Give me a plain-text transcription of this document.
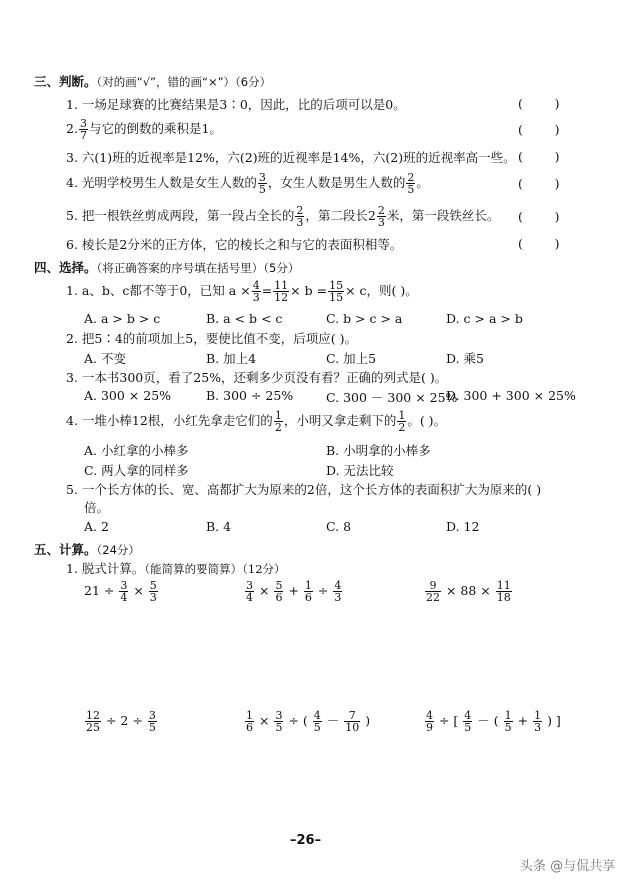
三、判断。（对的画“√”，错的画“×”）（6分）
1. 一场足球赛的比赛结果是3∶0，因此，比的后项可以是0。	(        )
2. $\frac{3}{7}$ 与它的倒数的乘积是1。	(        )
3. 六(1)班的近视率是12%，六(2)班的近视率是14%，六(2)班的近视率高一些。 (        )
4. 光明学校男生人数是女生人数的 $\frac{3}{5}$ ，女生人数是男生人数的 $\frac{2}{5}$ 。	(        )
5. 把一根铁丝剪成两段，第一段占全长的 $\frac{2}{3}$ ，第二段长$2 \frac{2}{3}$ 米，第一段铁丝长。 (        )
6. 棱长是2分米的正方体，它的棱长之和与它的表面积相等。	(        )
四、选择。（将正确答案的序号填在括号里）（5分）
1. a、b、c都不等于0，已知 $a \times \frac{4}{3} = \frac{11}{12} \times b = \frac{15}{15} \times c$，则( )。
A. a > b > c	B. a < b < c	C. b > c > a	D. c > a > b
2. 把5∶4的前项加上5，要使比值不变，后项应( )。
A. 不变	B. 加上4	C. 加上5	D. 乘5
3. 一本书300页，看了25%，还剩多少页没有看？正确的列式是( )。
A. 300 × 25%	B. 300 ÷ 25%	C. 300 － 300 × 25%
D. 300 + 300 × 25%
4. 一堆小棒12根，小红先拿走它们的 $\frac{1}{2}$ ，小明又拿走剩下的 $\frac{1}{2}$ 。( )。
A. 小红拿的小棒多	B. 小明拿的小棒多
C. 两人拿的同样多	D. 无法比较
5. 一个长方体的长、宽、高都扩大为原来的2倍，这个长方体的表面积扩大为原来的( )
倍。
A. 2	B. 4	C. 8	D. 12
五、计算。（24分）
1. 脱式计算。（能简算的要简算）（12分）
$21 \div \frac{3}{4} \times \frac{5}{3}$	$\frac{3}{4} \times \frac{5}{6} + \frac{1}{6} \div \frac{4}{3}$	$\frac{9}{22} \times 88 \times \frac{11}{18}$
$\frac{12}{25} \div 2 \div \frac{3}{5}$	$\frac{1}{6} \times \frac{3}{5}$ ÷ ( $\frac{4}{5} - \frac{7}{10}$ )	$\frac{4}{9}$ ÷ [ $\frac{4}{5}$ － ( $\frac{1}{5} + \frac{1}{3}$ ) ]
–26–
头条 @与侃共享
